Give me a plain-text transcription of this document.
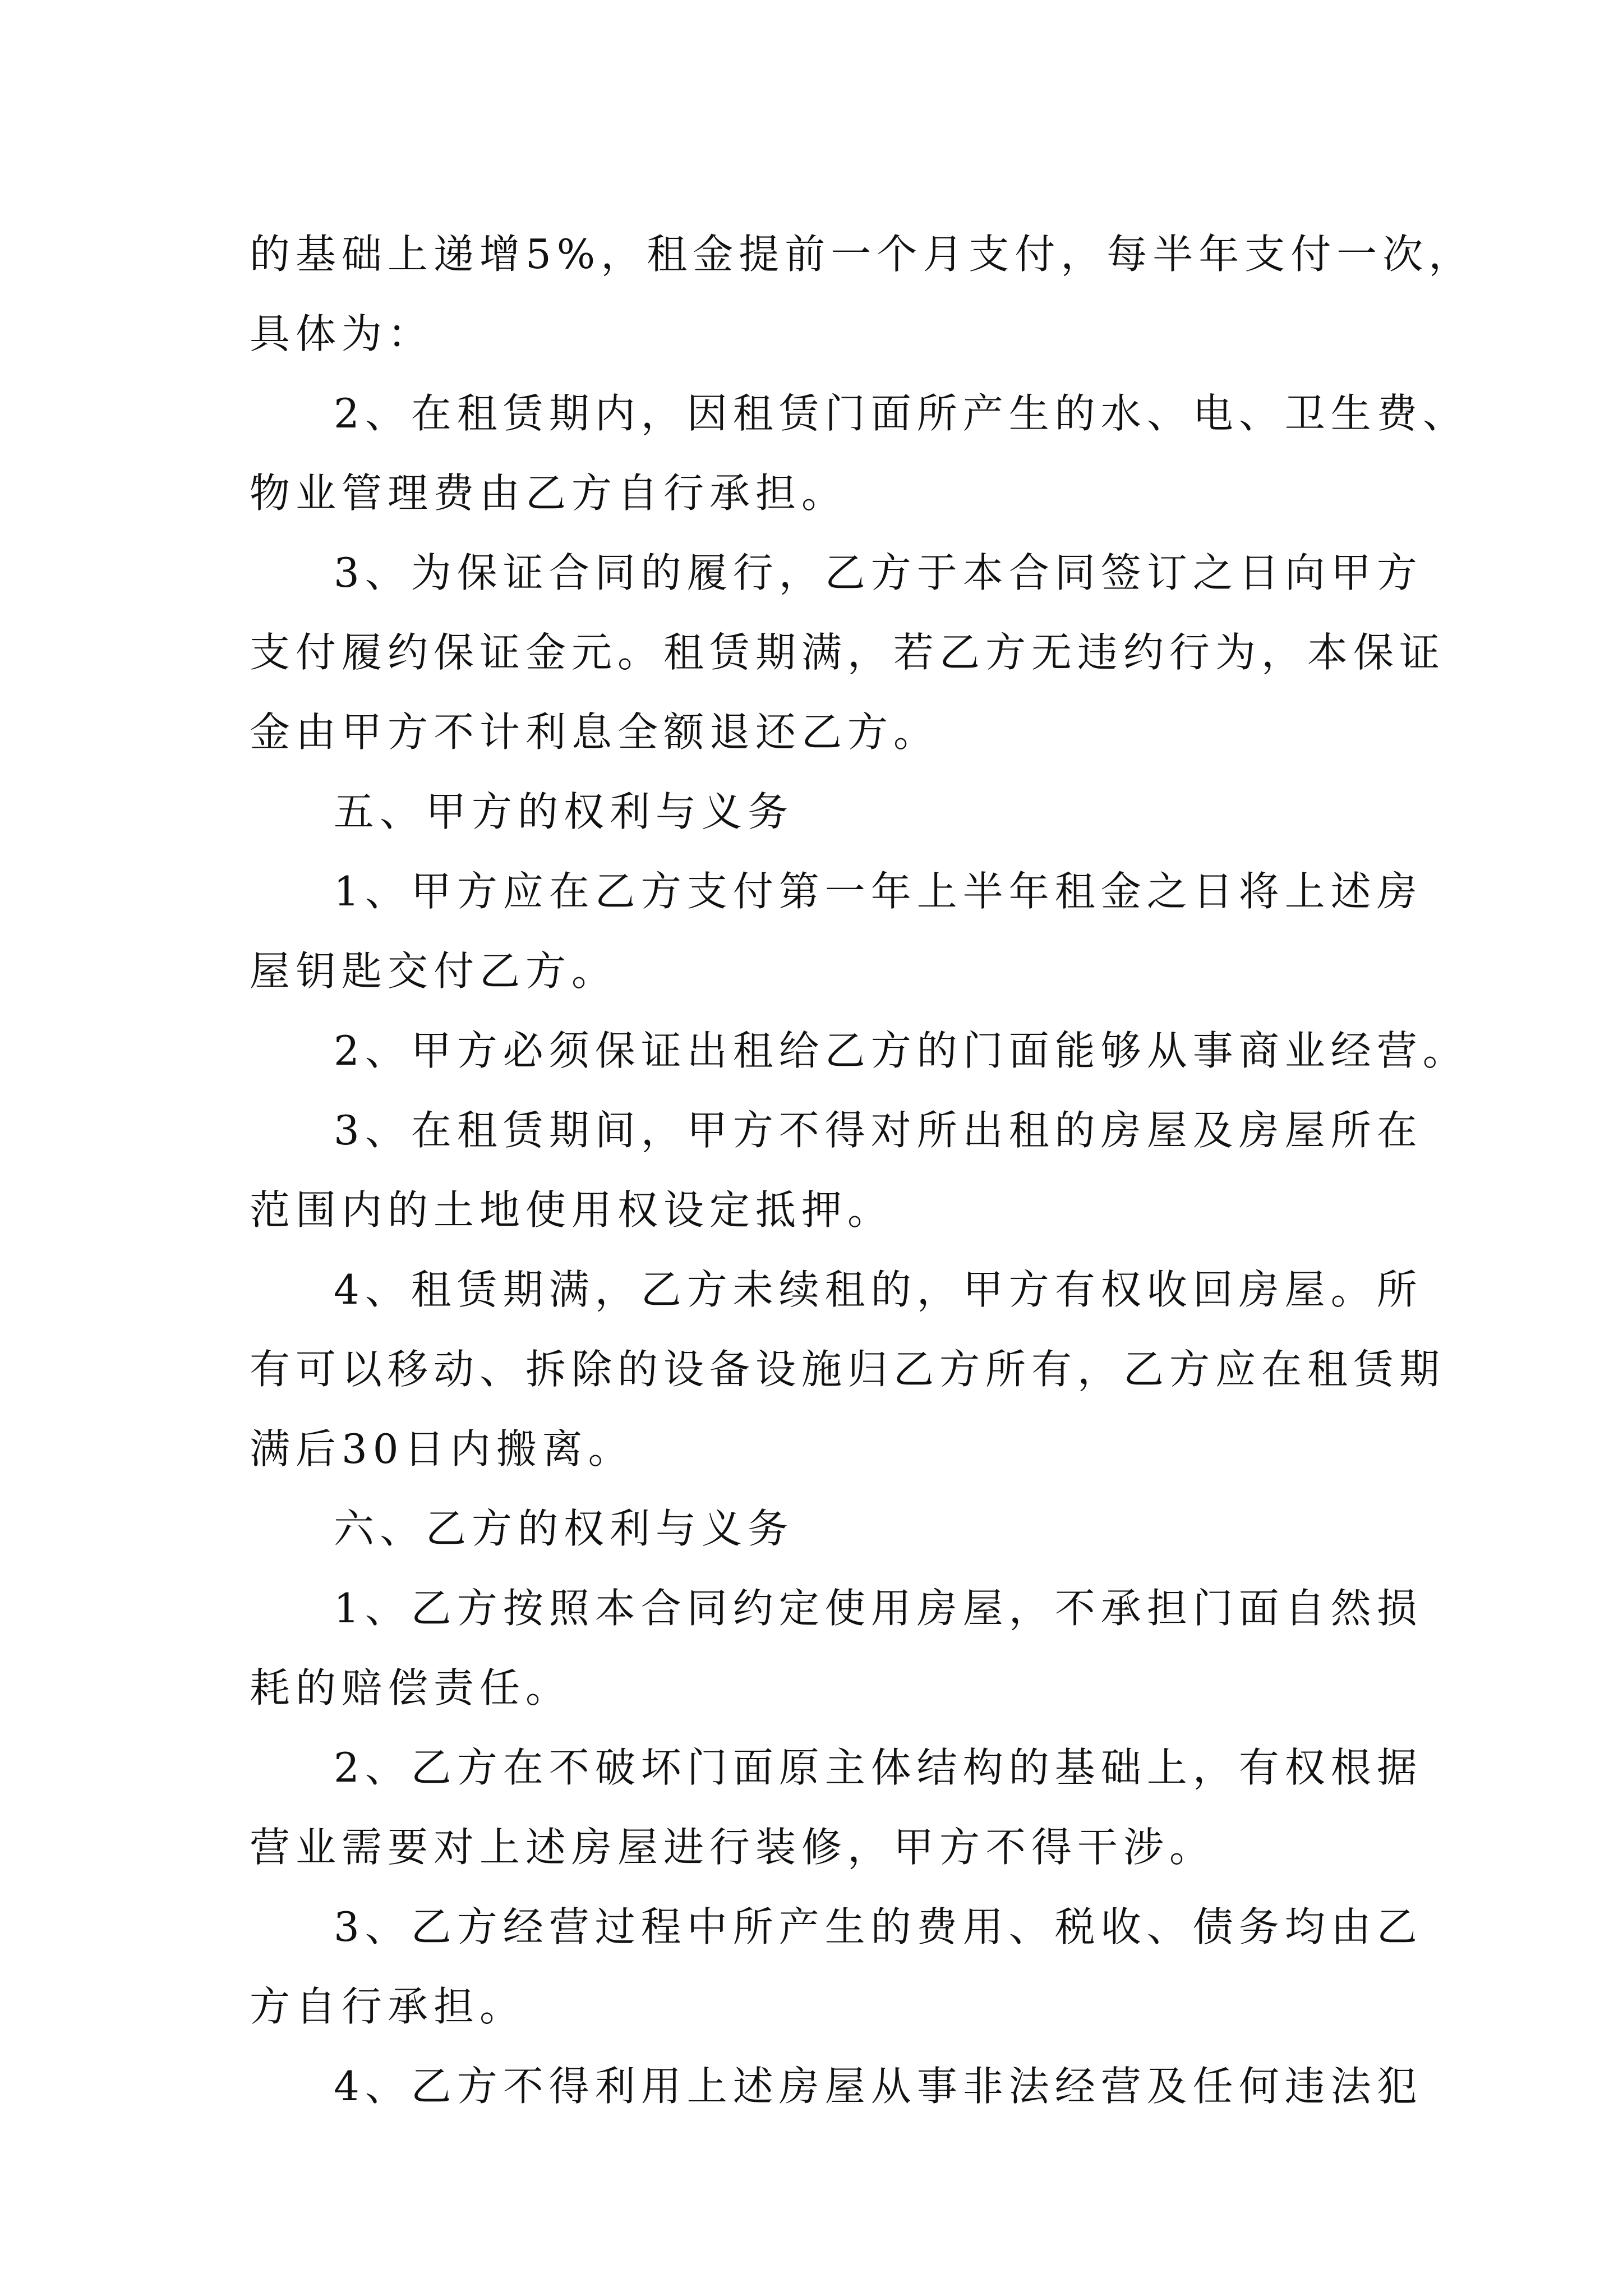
的基础上递增5%，租金提前一个月支付，每半年支付一次，
具体为：
2、在租赁期内，因租赁门面所产生的水、电、卫生费、
物业管理费由乙方自行承担。
3、为保证合同的履行，乙方于本合同签订之日向甲方
支付履约保证金元。租赁期满，若乙方无违约行为，本保证
金由甲方不计利息全额退还乙方。
五、甲方的权利与义务
1、甲方应在乙方支付第一年上半年租金之日将上述房
屋钥匙交付乙方。
2、甲方必须保证出租给乙方的门面能够从事商业经营。
3、在租赁期间，甲方不得对所出租的房屋及房屋所在
范围内的土地使用权设定抵押。
4、租赁期满，乙方未续租的，甲方有权收回房屋。所
有可以移动、拆除的设备设施归乙方所有，乙方应在租赁期
满后30日内搬离。
六、乙方的权利与义务
1、乙方按照本合同约定使用房屋，不承担门面自然损
耗的赔偿责任。
2、乙方在不破坏门面原主体结构的基础上，有权根据
营业需要对上述房屋进行装修，甲方不得干涉。
3、乙方经营过程中所产生的费用、税收、债务均由乙
方自行承担。
4、乙方不得利用上述房屋从事非法经营及任何违法犯
